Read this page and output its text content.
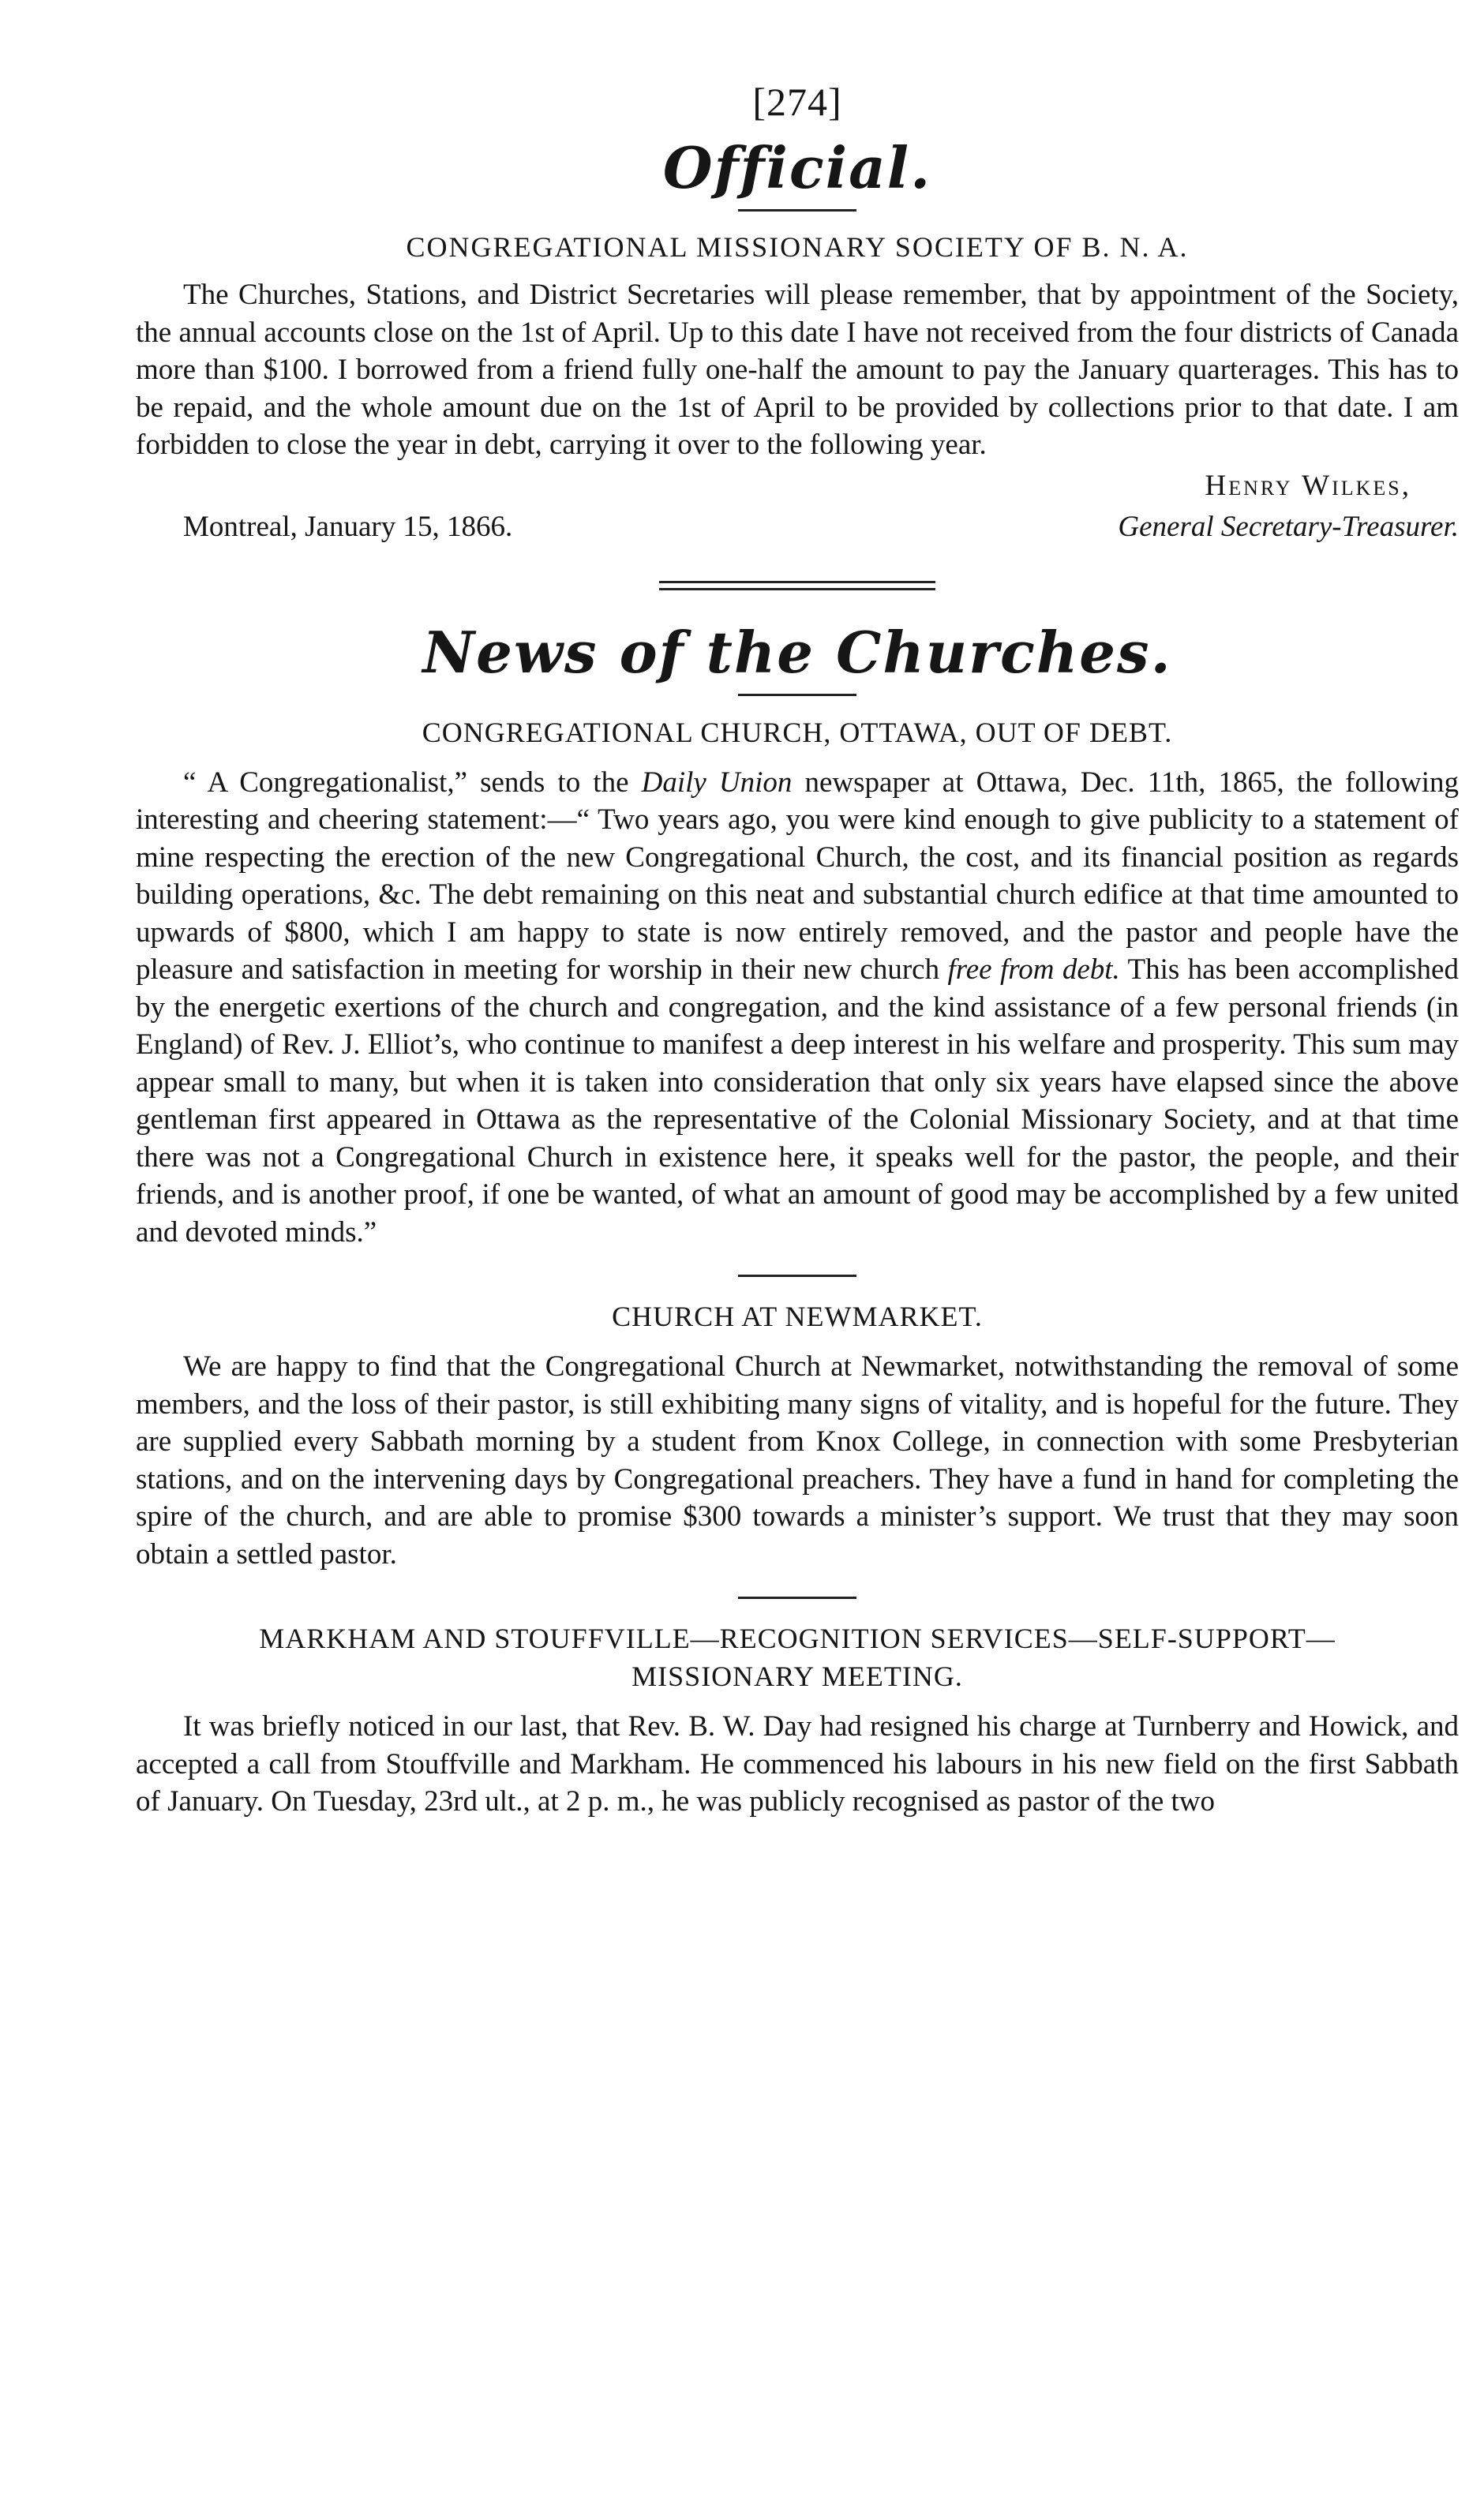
[274]
Official.
CONGREGATIONAL MISSIONARY SOCIETY OF B. N. A.

The Churches, Stations, and District Secretaries will please remember, that by appointment of the Society, the annual accounts close on the 1st of April. Up to this date I have not received from the four districts of Canada more than $100. I borrowed from a friend fully one-half the amount to pay the January quarterages. This has to be repaid, and the whole amount due on the 1st of April to be provided by collections prior to that date. I am forbidden to close the year in debt, carrying it over to the following year.

Henry Wilkes,
Montreal, January 15, 1866.	General Secretary-Treasurer.
News of the Churches.
CONGREGATIONAL CHURCH, OTTAWA, OUT OF DEBT.

“ A Congregationalist,” sends to the Daily Union newspaper at Ottawa, Dec. 11th, 1865, the following interesting and cheering statement:—“ Two years ago, you were kind enough to give publicity to a statement of mine respecting the erection of the new Congregational Church, the cost, and its financial position as regards building operations, &c. The debt remaining on this neat and substantial church edifice at that time amounted to upwards of $800, which I am happy to state is now entirely removed, and the pastor and people have the pleasure and satisfaction in meeting for worship in their new church free from debt. This has been accomplished by the energetic exertions of the church and congregation, and the kind assistance of a few personal friends (in England) of Rev. J. Elliot’s, who continue to manifest a deep interest in his welfare and prosperity. This sum may appear small to many, but when it is taken into consideration that only six years have elapsed since the above gentleman first appeared in Ottawa as the representative of the Colonial Missionary Society, and at that time there was not a Congregational Church in existence here, it speaks well for the pastor, the people, and their friends, and is another proof, if one be wanted, of what an amount of good may be accomplished by a few united and devoted minds.”

CHURCH AT NEWMARKET.

We are happy to find that the Congregational Church at Newmarket, notwithstanding the removal of some members, and the loss of their pastor, is still exhibiting many signs of vitality, and is hopeful for the future. They are supplied every Sabbath morning by a student from Knox College, in connection with some Presbyterian stations, and on the intervening days by Congregational preachers. They have a fund in hand for completing the spire of the church, and are able to promise $300 towards a minister’s support. We trust that they may soon obtain a settled pastor.

MARKHAM AND STOUFFVILLE—RECOGNITION SERVICES—SELF-SUPPORT—
MISSIONARY MEETING.

It was briefly noticed in our last, that Rev. B. W. Day had resigned his charge at Turnberry and Howick, and accepted a call from Stouffville and Markham. He commenced his labours in his new field on the first Sabbath of January. On Tuesday, 23rd ult., at 2 p. m., he was publicly recognised as pastor of the two
